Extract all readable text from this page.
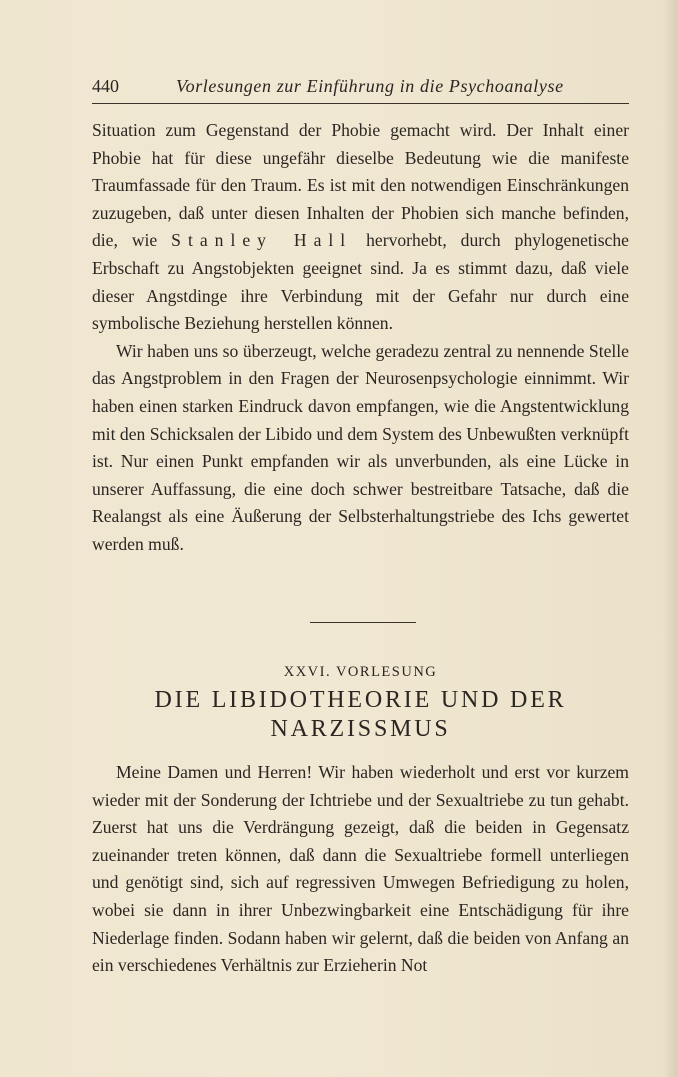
440	Vorlesungen zur Einführung in die Psychoanalyse

Situation zum Gegenstand der Phobie gemacht wird. Der Inhalt einer Phobie hat für diese ungefähr dieselbe Bedeutung wie die manifeste Traumfassade für den Traum. Es ist mit den notwendigen Einschränkungen zuzugeben, daß unter diesen Inhalten der Phobien sich manche befinden, die, wie Stanley Hall hervorhebt, durch phylogenetische Erbschaft zu Angstobjekten geeignet sind. Ja es stimmt dazu, daß viele dieser Angstdinge ihre Verbindung mit der Gefahr nur durch eine symbolische Beziehung herstellen können.

Wir haben uns so überzeugt, welche geradezu zentral zu nennende Stelle das Angstproblem in den Fragen der Neurosenpsychologie einnimmt. Wir haben einen starken Eindruck davon empfangen, wie die Angstentwicklung mit den Schicksalen der Libido und dem System des Unbewußten verknüpft ist. Nur einen Punkt empfanden wir als unverbunden, als eine Lücke in unserer Auffassung, die eine doch schwer bestreitbare Tatsache, daß die Realangst als eine Äußerung der Selbsterhaltungstriebe des Ichs gewertet werden muß.

XXVI. VORLESUNG
DIE LIBIDOTHEORIE UND DER
NARZISSMUS

Meine Damen und Herren! Wir haben wiederholt und erst vor kurzem wieder mit der Sonderung der Ichtriebe und der Sexualtriebe zu tun gehabt. Zuerst hat uns die Verdrängung gezeigt, daß die beiden in Gegensatz zueinander treten können, daß dann die Sexualtriebe formell unterliegen und genötigt sind, sich auf regressiven Umwegen Befriedigung zu holen, wobei sie dann in ihrer Unbezwingbarkeit eine Entschädigung für ihre Niederlage finden. Sodann haben wir gelernt, daß die beiden von Anfang an ein verschiedenes Verhältnis zur Erzieherin Not
